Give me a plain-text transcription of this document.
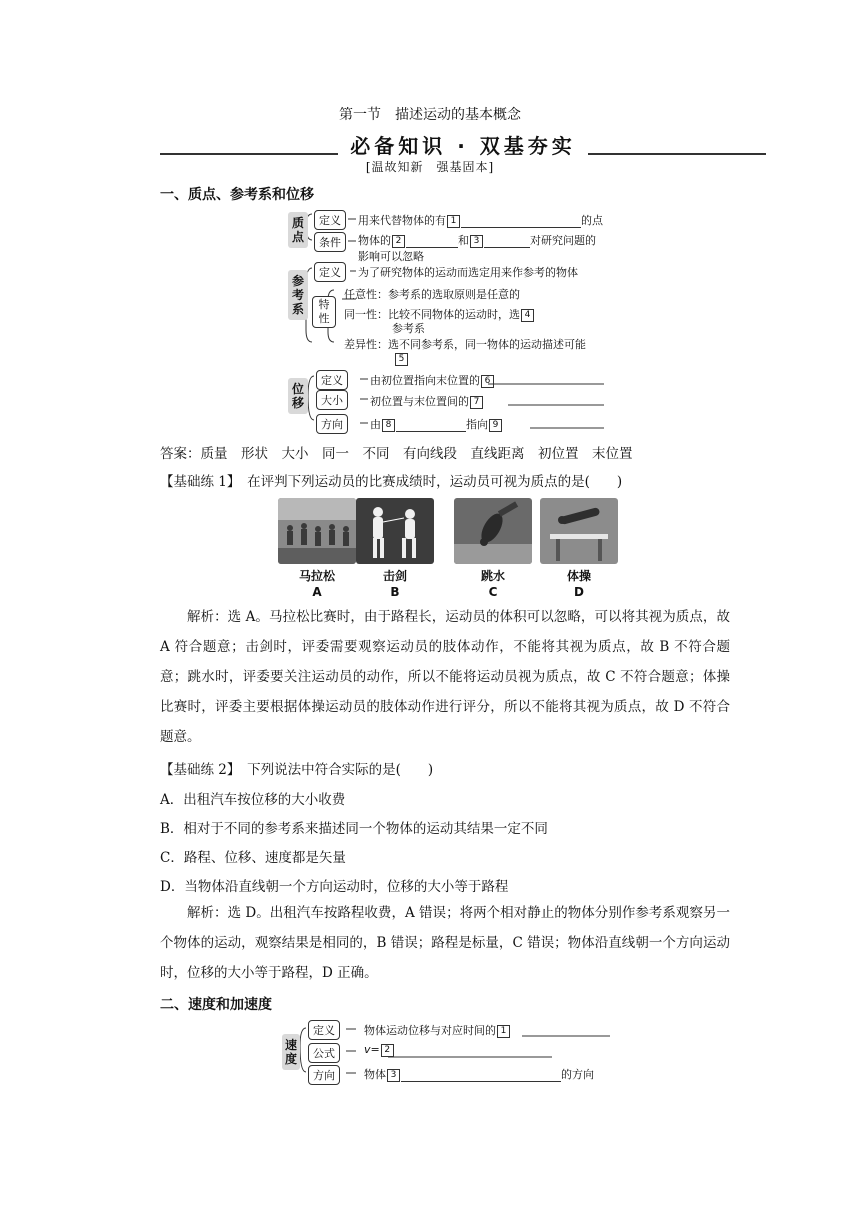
第一节　描述运动的基本概念
必备知识 · 双基夯实
[温故知新　强基固本]
一、质点、参考系和位移
质点
定义	用来代替物体的有 1	的点
条件	物体的 2	和 3	对研究问题的
影响可以忽略
参考系
定义	为了研究物体的运动而选定用来作参考的物体
特性
任意性：参考系的选取原则是任意的
同一性：比较不同物体的运动时，选 4
参考系
差异性：选不同参考系，同一物体的运动描述可能
5
位移
定义	由初位置指向末位置的 6
大小	初位置与末位置间的 7
方向	由 8	指向 9
答案：质量　形状　大小　同一　不同　有向线段　直线距离　初位置　末位置
【基础练 1】　在评判下列运动员的比赛成绩时，运动员可视为质点的是(　　)
马拉松
A
击剑
B
跳水
C
体操
D
解析：选 A。马拉松比赛时，由于路程长，运动员的体积可以忽略，可以将其视为质点，故 A 符合题意；击剑时，评委需要观察运动员的肢体动作，不能将其视为质点，故 B 不符合题意；跳水时，评委要关注运动员的动作，所以不能将运动员视为质点，故 C 不符合题意；体操比赛时，评委主要根据体操运动员的肢体动作进行评分，所以不能将其视为质点，故 D 不符合题意。
【基础练 2】　下列说法中符合实际的是(　　)
A．出租汽车按位移的大小收费
B．相对于不同的参考系来描述同一个物体的运动其结果一定不同
C．路程、位移、速度都是矢量
D．当物体沿直线朝一个方向运动时，位移的大小等于路程
解析：选 D。出租汽车按路程收费，A 错误；将两个相对静止的物体分别作参考系观察另一个物体的运动，观察结果是相同的，B 错误；路程是标量，C 错误；物体沿直线朝一个方向运动时，位移的大小等于路程，D 正确。
二、速度和加速度
速度
定义	物体运动位移与对应时间的 1
公式	v= 2
方向	物体 3	的方向
